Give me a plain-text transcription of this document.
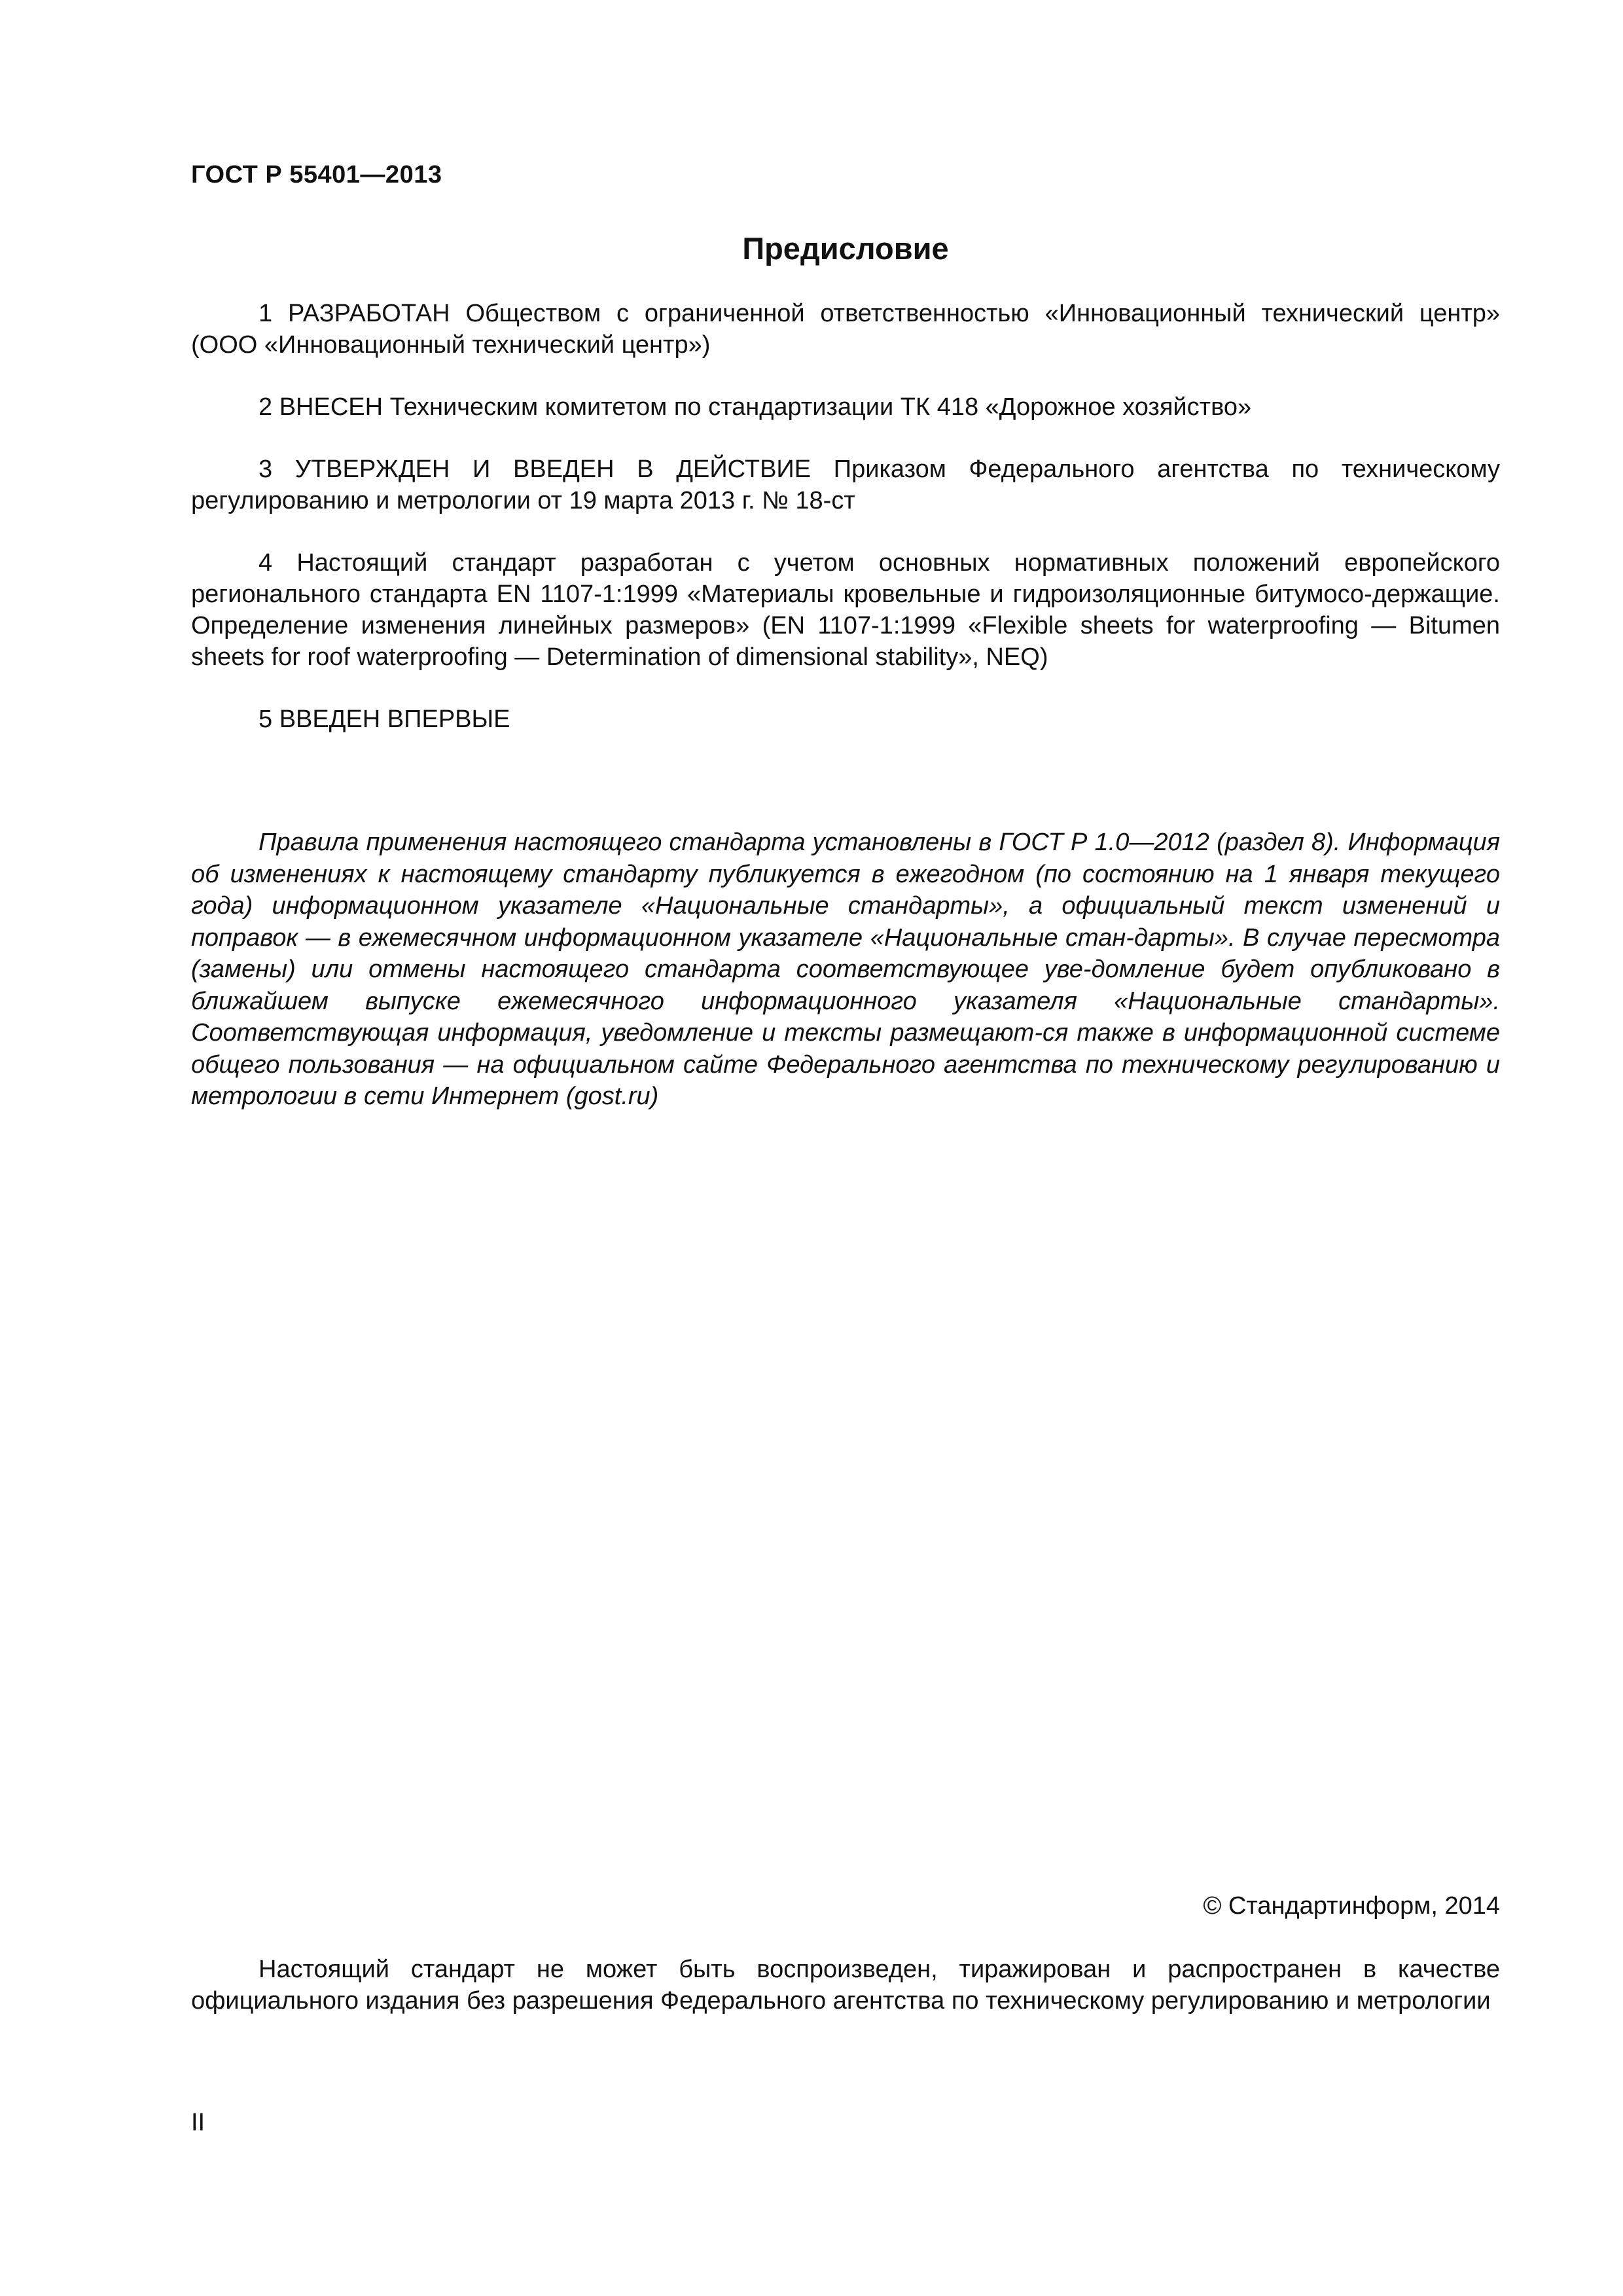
ГОСТ Р 55401—2013
Предисловие

1 РАЗРАБОТАН Обществом с ограниченной ответственностью «Инновационный технический центр» (ООО «Инновационный технический центр»)

2 ВНЕСЕН Техническим комитетом по стандартизации ТК 418 «Дорожное хозяйство»

3 УТВЕРЖДЕН И ВВЕДЕН В ДЕЙСТВИЕ Приказом Федерального агентства по техническому регулированию и метрологии от 19 марта 2013 г. № 18-ст

4 Настоящий стандарт разработан с учетом основных нормативных положений европейского регионального стандарта EN 1107-1:1999 «Материалы кровельные и гидроизоляционные битумосо-держащие. Определение изменения линейных размеров» (EN 1107-1:1999 «Flexible sheets for waterproofing — Bitumen sheets for roof waterproofing — Determination of dimensional stability», NEQ)

5 ВВЕДЕН ВПЕРВЫЕ

Правила применения настоящего стандарта установлены в ГОСТ Р 1.0—2012 (раздел 8). Информация об изменениях к настоящему стандарту публикуется в ежегодном (по состоянию на 1 января текущего года) информационном указателе «Национальные стандарты», а официальный текст изменений и поправок — в ежемесячном информационном указателе «Национальные стан-дарты». В случае пересмотра (замены) или отмены настоящего стандарта соответствующее уве-домление будет опубликовано в ближайшем выпуске ежемесячного информационного указателя «Национальные стандарты». Соответствующая информация, уведомление и тексты размещают-ся также в информационной системе общего пользования — на официальном сайте Федерального агентства по техническому регулированию и метрологии в сети Интернет (gost.ru)
© Стандартинформ, 2014
Настоящий стандарт не может быть воспроизведен, тиражирован и распространен в качестве официального издания без разрешения Федерального агентства по техническому регулированию и метрологии
II
